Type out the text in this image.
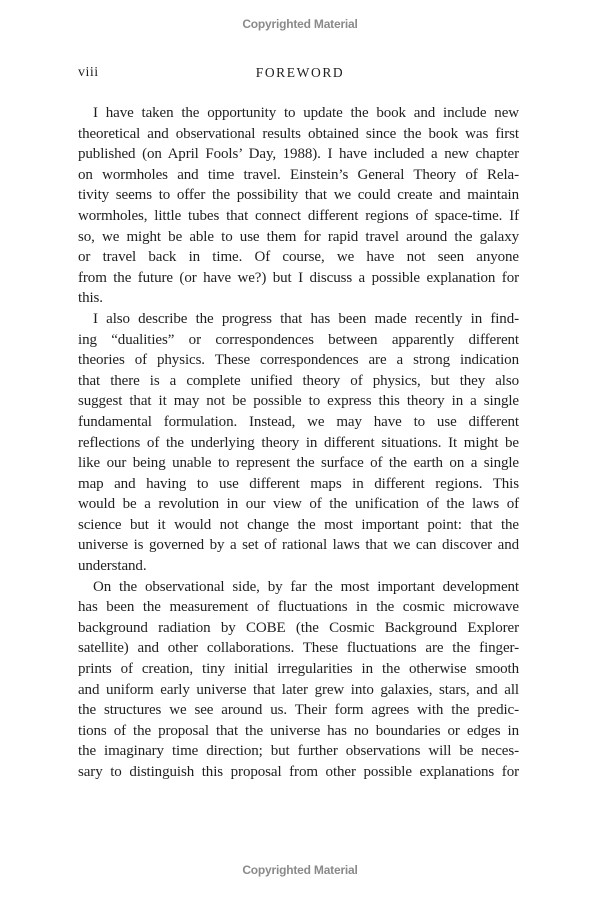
Copyrighted Material
viii	FOREWORD
I have taken the opportunity to update the book and include new
theoretical and observational results obtained since the book was first
published (on April Fools’ Day, 1988). I have included a new chapter
on wormholes and time travel. Einstein’s General Theory of Rela-
tivity seems to offer the possibility that we could create and maintain
wormholes, little tubes that connect different regions of space-time. If
so, we might be able to use them for rapid travel around the galaxy
or travel back in time. Of course, we have not seen anyone
from the future (or have we?) but I discuss a possible explanation for
this.
I also describe the progress that has been made recently in find-
ing “dualities” or correspondences between apparently different
theories of physics. These correspondences are a strong indication
that there is a complete unified theory of physics, but they also
suggest that it may not be possible to express this theory in a single
fundamental formulation. Instead, we may have to use different
reflections of the underlying theory in different situations. It might be
like our being unable to represent the surface of the earth on a single
map and having to use different maps in different regions. This
would be a revolution in our view of the unification of the laws of
science but it would not change the most important point: that the
universe is governed by a set of rational laws that we can discover and
understand.
On the observational side, by far the most important development
has been the measurement of fluctuations in the cosmic microwave
background radiation by COBE (the Cosmic Background Explorer
satellite) and other collaborations. These fluctuations are the finger-
prints of creation, tiny initial irregularities in the otherwise smooth
and uniform early universe that later grew into galaxies, stars, and all
the structures we see around us. Their form agrees with the predic-
tions of the proposal that the universe has no boundaries or edges in
the imaginary time direction; but further observations will be neces-
sary to distinguish this proposal from other possible explanations for
Copyrighted Material
